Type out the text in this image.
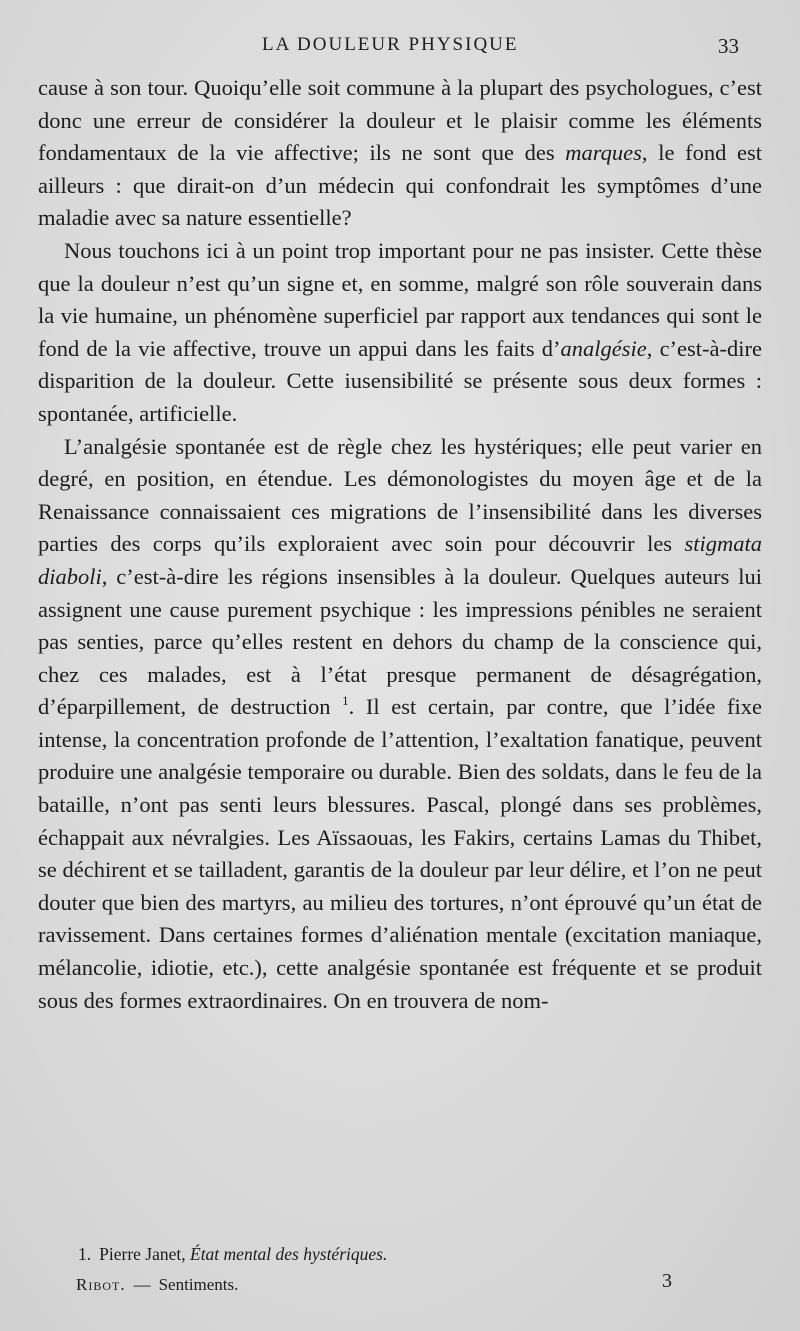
LA DOULEUR PHYSIQUE	33

cause à son tour. Quoiqu’elle soit commune à la plupart des psychologues, c’est donc une erreur de considérer la douleur et le plaisir comme les éléments fondamentaux de la vie affective; ils ne sont que des marques, le fond est ailleurs : que dirait-on d’un médecin qui confondrait les symptômes d’une maladie avec sa nature essentielle?

Nous touchons ici à un point trop important pour ne pas insister. Cette thèse que la douleur n’est qu’un signe et, en somme, malgré son rôle souverain dans la vie humaine, un phénomène superficiel par rapport aux tendances qui sont le fond de la vie affective, trouve un appui dans les faits d’analgésie, c’est-à-dire disparition de la douleur. Cette iusensibilité se présente sous deux formes : spontanée, artificielle.

L’analgésie spontanée est de règle chez les hystériques; elle peut varier en degré, en position, en étendue. Les démonologistes du moyen âge et de la Renaissance connaissaient ces migrations de l’insensibilité dans les diverses parties des corps qu’ils exploraient avec soin pour découvrir les stigmata diaboli, c’est-à-dire les régions insensibles à la douleur. Quelques auteurs lui assignent une cause purement psychique : les impressions pénibles ne seraient pas senties, parce qu’elles restent en dehors du champ de la conscience qui, chez ces malades, est à l’état presque permanent de désagrégation, d’éparpillement, de destruction $^1$. Il est certain, par contre, que l’idée fixe intense, la concentration profonde de l’attention, l’exaltation fanatique, peuvent produire une analgésie temporaire ou durable. Bien des soldats, dans le feu de la bataille, n’ont pas senti leurs blessures. Pascal, plongé dans ses problèmes, échappait aux névralgies. Les Aïssaouas, les Fakirs, certains Lamas du Thibet, se déchirent et se tailladent, garantis de la douleur par leur délire, et l’on ne peut douter que bien des martyrs, au milieu des tortures, n’ont éprouvé qu’un état de ravissement. Dans certaines formes d’aliénation mentale (excitation maniaque, mélancolie, idiotie, etc.), cette analgésie spontanée est fréquente et se produit sous des formes extraordinaires. On en trouvera de nom-

1. Pierre Janet, État mental des hystériques.
Ribot. — Sentiments.	3
